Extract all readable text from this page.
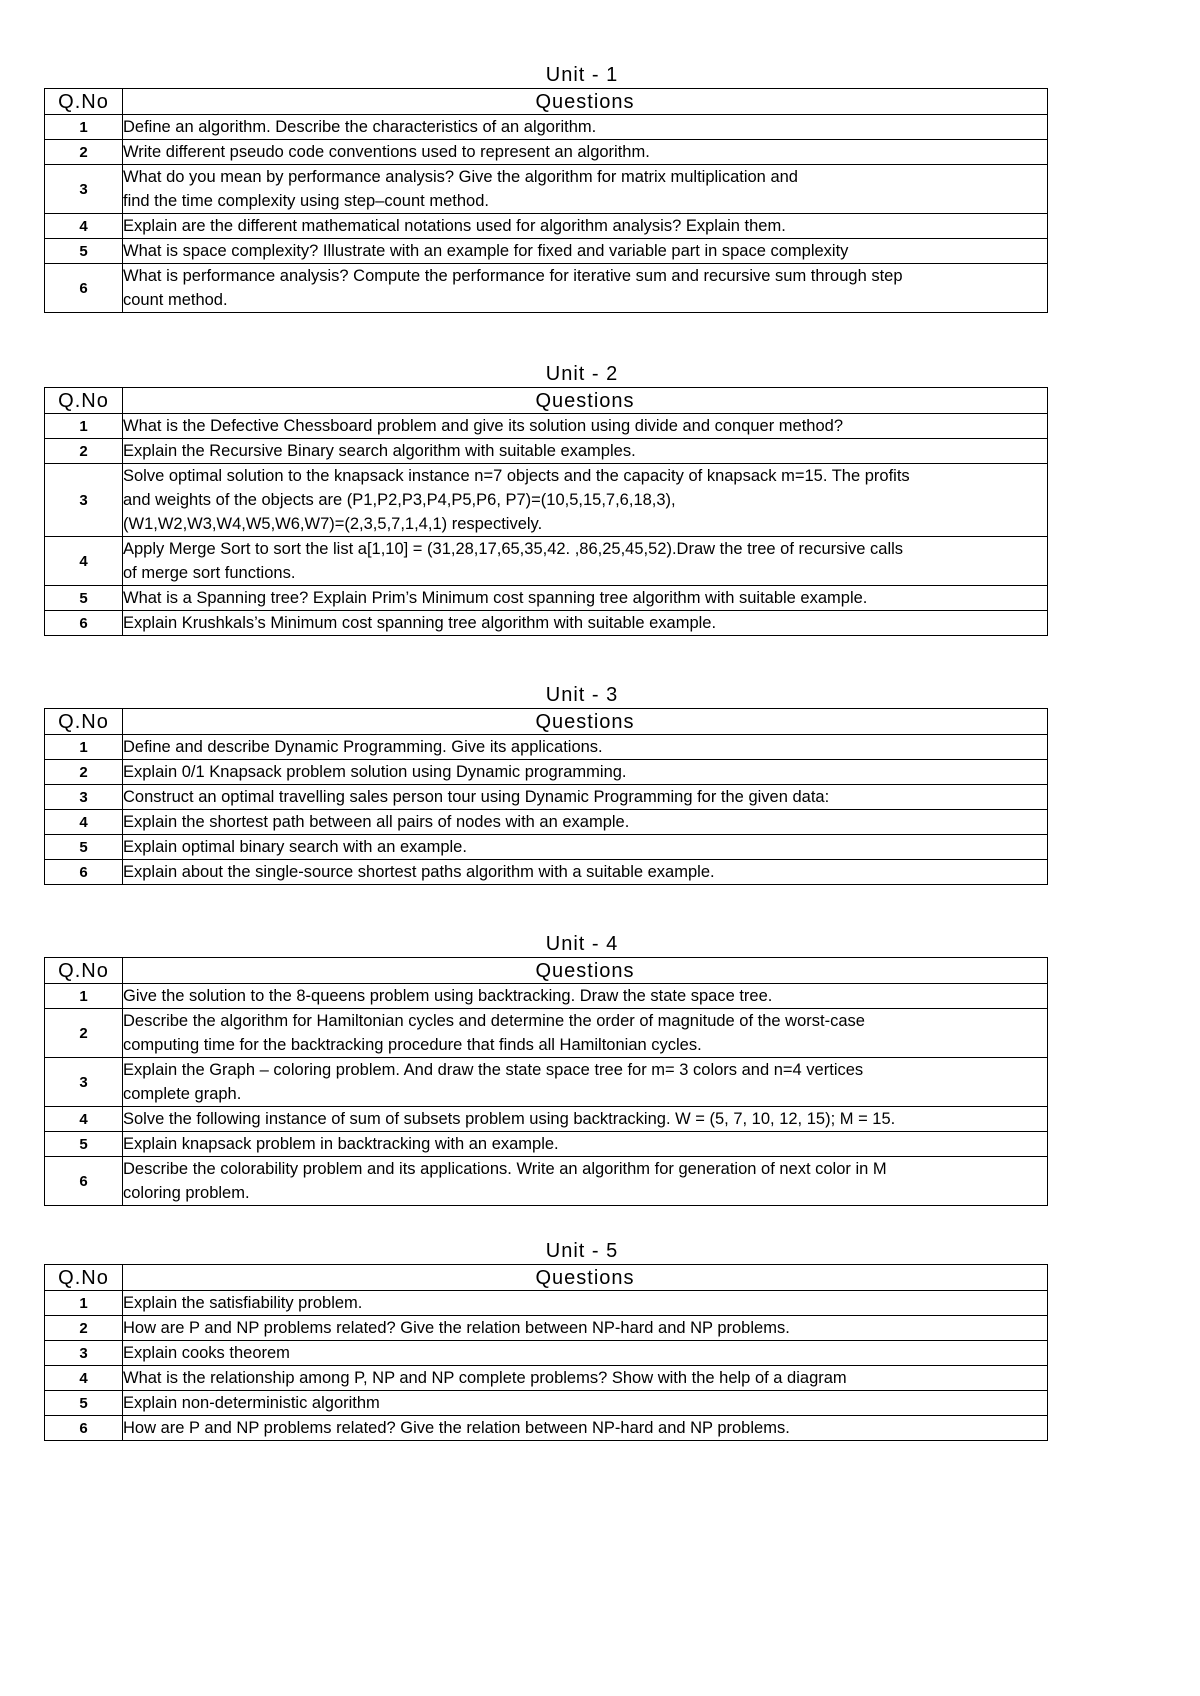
Unit - 1
Q.No	Questions
1	Define an algorithm. Describe the characteristics of an algorithm.
2	Write different pseudo code conventions used to represent an algorithm.
3	What do you mean by performance analysis? Give the algorithm for matrix multiplication and
find the time complexity using step–count method.
4	Explain are the different mathematical notations used for algorithm analysis? Explain them.
5	What is space complexity? Illustrate with an example for fixed and variable part in space complexity
6	What is performance analysis? Compute the performance for iterative sum and recursive sum through step
count method.
Unit - 2
Q.No	Questions
1	What is the Defective Chessboard problem and give its solution using divide and conquer method?
2	Explain the Recursive Binary search algorithm with suitable examples.
3	Solve optimal solution to the knapsack instance n=7 objects and the capacity of knapsack m=15. The profits
and weights of the objects are (P1,P2,P3,P4,P5,P6, P7)=(10,5,15,7,6,18,3),
(W1,W2,W3,W4,W5,W6,W7)=(2,3,5,7,1,4,1) respectively.
4	Apply Merge Sort to sort the list a[1,10] = (31,28,17,65,35,42. ,86,25,45,52).Draw the tree of recursive calls
of merge sort functions.
5	What is a Spanning tree? Explain Prim’s Minimum cost spanning tree algorithm with suitable example.
6	Explain Krushkals’s Minimum cost spanning tree algorithm with suitable example.
Unit - 3
Q.No	Questions
1	Define and describe Dynamic Programming. Give its applications.
2	Explain 0/1 Knapsack problem solution using Dynamic programming.
3	Construct an optimal travelling sales person tour using Dynamic Programming for the given data:
4	Explain the shortest path between all pairs of nodes with an example.
5	Explain optimal binary search with an example.
6	Explain about the single-source shortest paths algorithm with a suitable example.
Unit - 4
Q.No	Questions
1	Give the solution to the 8-queens problem using backtracking. Draw the state space tree.
2	Describe the algorithm for Hamiltonian cycles and determine the order of magnitude of the worst-case
computing time for the backtracking procedure that finds all Hamiltonian cycles.
3	Explain the Graph – coloring problem. And draw the state space tree for m= 3 colors and n=4 vertices
complete graph.
4	Solve the following instance of sum of subsets problem using backtracking. W = (5, 7, 10, 12, 15); M = 15.
5	Explain knapsack problem in backtracking with an example.
6	Describe the colorability problem and its applications. Write an algorithm for generation of next color in M
coloring problem.
Unit - 5
Q.No	Questions
1	Explain the satisfiability problem.
2	How are P and NP problems related? Give the relation between NP-hard and NP problems.
3	Explain cooks theorem
4	What is the relationship among P, NP and NP complete problems? Show with the help of a diagram
5	Explain non-deterministic algorithm
6	How are P and NP problems related? Give the relation between NP-hard and NP problems.
